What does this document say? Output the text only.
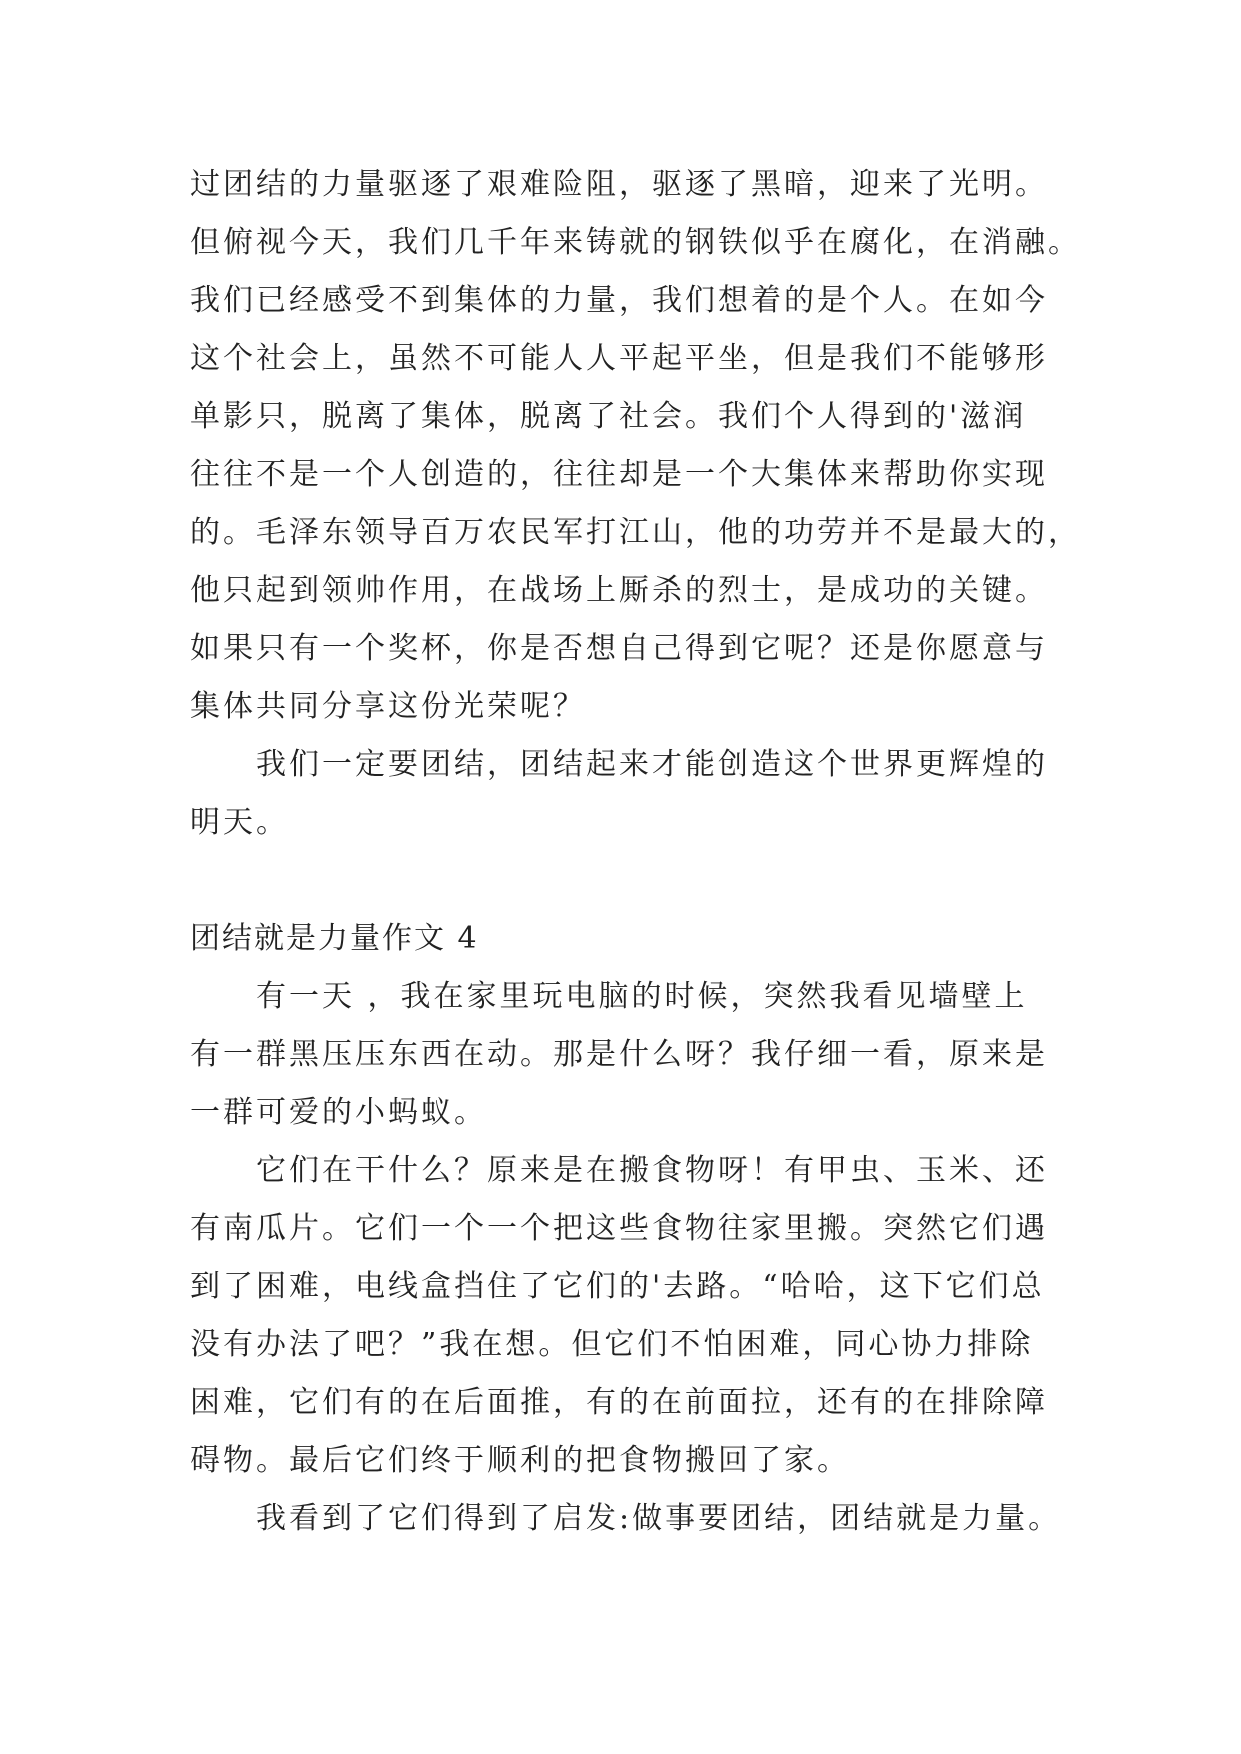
过团结的力量驱逐了艰难险阻，驱逐了黑暗，迎来了光明。
但俯视今天，我们几千年来铸就的钢铁似乎在腐化，在消融。
我们已经感受不到集体的力量，我们想着的是个人。在如今
这个社会上，虽然不可能人人平起平坐，但是我们不能够形
单影只，脱离了集体，脱离了社会。我们个人得到的'滋润
往往不是一个人创造的，往往却是一个大集体来帮助你实现
的。毛泽东领导百万农民军打江山，他的功劳并不是最大的，
他只起到领帅作用，在战场上厮杀的烈士，是成功的关键。
如果只有一个奖杯，你是否想自己得到它呢？还是你愿意与
集体共同分享这份光荣呢？
我们一定要团结，团结起来才能创造这个世界更辉煌的
明天。
团结就是力量作文 4
有一天 ，我在家里玩电脑的时候，突然我看见墙壁上
有一群黑压压东西在动。那是什么呀？我仔细一看，原来是
一群可爱的小蚂蚁。
它们在干什么？原来是在搬食物呀！有甲虫、玉米、还
有南瓜片。它们一个一个把这些食物往家里搬。突然它们遇
到了困难，电线盒挡住了它们的'去路。“哈哈，这下它们总
没有办法了吧？”我在想。但它们不怕困难，同心协力排除
困难，它们有的在后面推，有的在前面拉，还有的在排除障
碍物。最后它们终于顺利的把食物搬回了家。
我看到了它们得到了启发:做事要团结，团结就是力量。
